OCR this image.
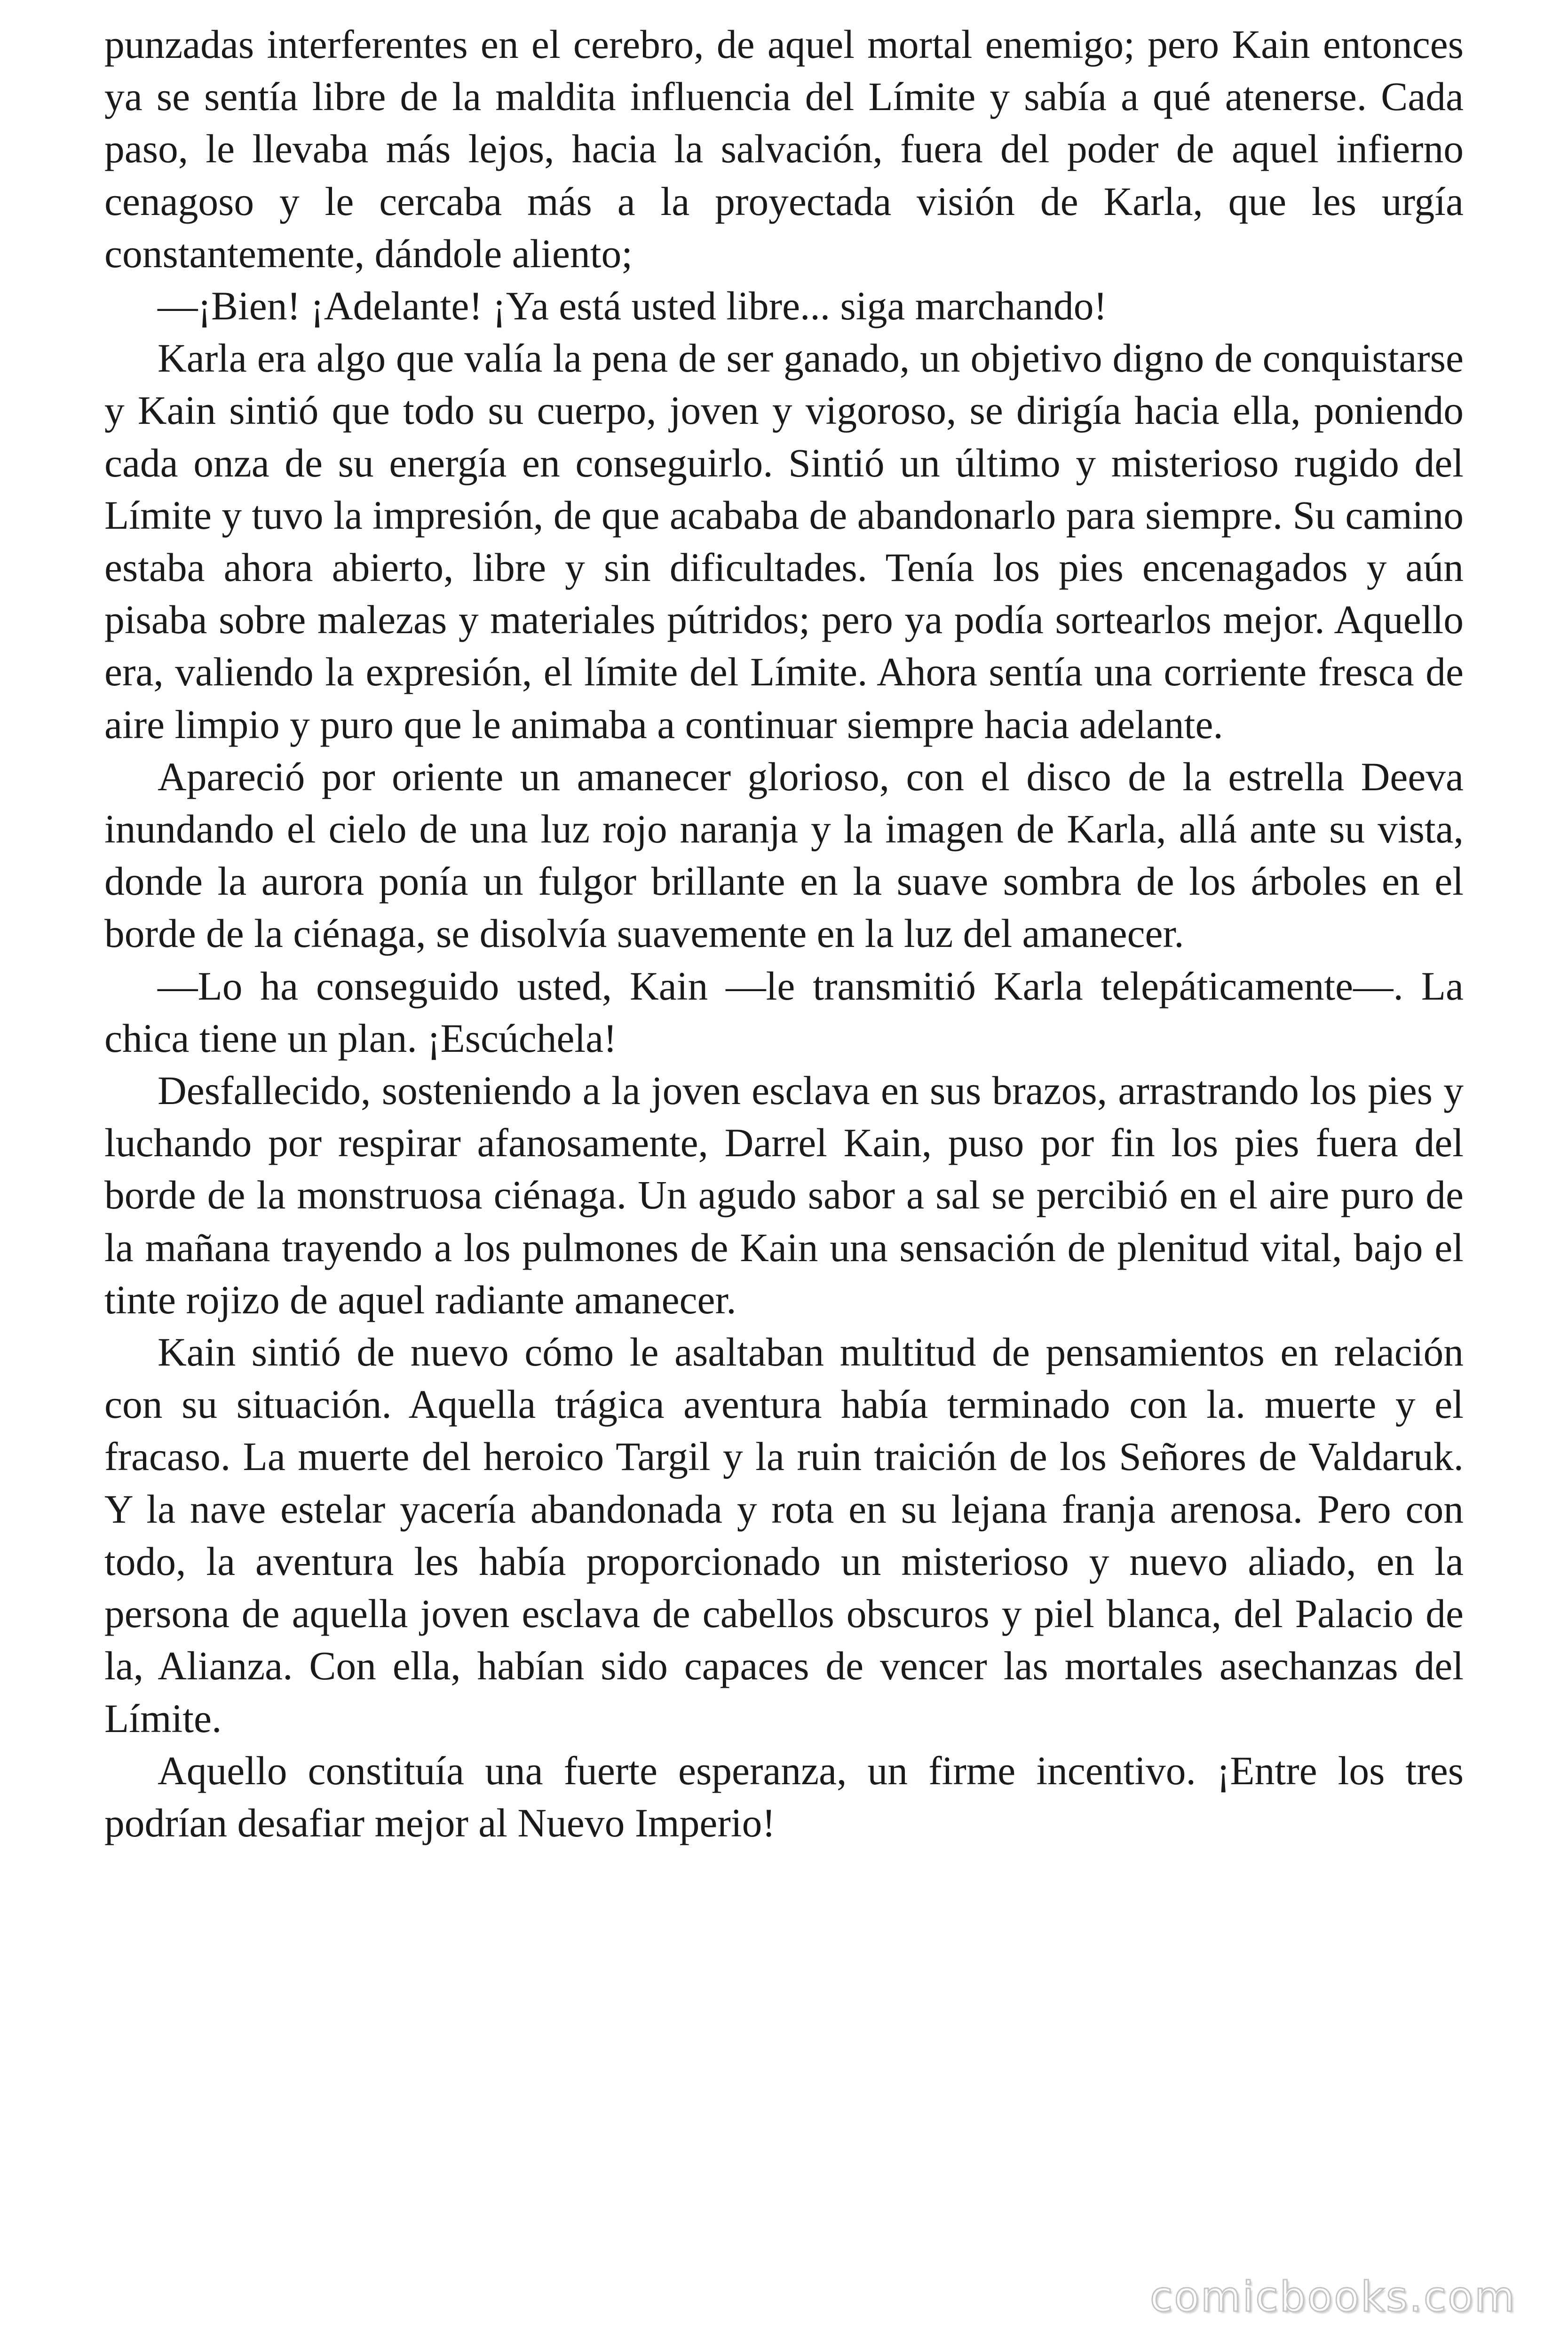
punzadas interferentes en el cerebro, de aquel mortal enemigo; pero Kain entonces ya se sentía libre de la maldita influencia del Límite y sabía a qué atenerse. Cada paso, le llevaba más lejos, hacia la salvación, fuera del poder de aquel infierno cenagoso y le cercaba más a la proyectada visión de Karla, que les urgía constantemente, dándole aliento;

—¡Bien! ¡Adelante! ¡Ya está usted libre... siga marchando!

Karla era algo que valía la pena de ser ganado, un objetivo digno de conquistarse y Kain sintió que todo su cuerpo, joven y vigoroso, se dirigía hacia ella, poniendo cada onza de su energía en conseguirlo. Sintió un último y misterioso rugido del Límite y tuvo la impresión, de que acababa de abandonarlo para siempre. Su camino estaba ahora abierto, libre y sin dificultades. Tenía los pies encenagados y aún pisaba sobre malezas y materiales pútridos; pero ya podía sortearlos mejor. Aquello era, valiendo la expresión, el límite del Límite. Ahora sentía una corriente fresca de aire limpio y puro que le animaba a continuar siempre hacia adelante.

Apareció por oriente un amanecer glorioso, con el disco de la estrella Deeva inundando el cielo de una luz rojo naranja y la imagen de Karla, allá ante su vista, donde la aurora ponía un fulgor brillante en la suave sombra de los árboles en el borde de la ciénaga, se disolvía suavemente en la luz del amanecer.

—Lo ha conseguido usted, Kain —le transmitió Karla telepáticamente—. La chica tiene un plan. ¡Escúchela!

Desfallecido, sosteniendo a la joven esclava en sus brazos, arrastrando los pies y luchando por respirar afanosamente, Darrel Kain, puso por fin los pies fuera del borde de la monstruosa ciénaga. Un agudo sabor a sal se percibió en el aire puro de la mañana trayendo a los pulmones de Kain una sensación de plenitud vital, bajo el tinte rojizo de aquel radiante amanecer.

Kain sintió de nuevo cómo le asaltaban multitud de pensamientos en relación con su situación. Aquella trágica aventura había terminado con la. muerte y el fracaso. La muerte del heroico Targil y la ruin traición de los Señores de Valdaruk. Y la nave estelar yacería abandonada y rota en su lejana franja arenosa. Pero con todo, la aventura les había proporcionado un misterioso y nuevo aliado, en la persona de aquella joven esclava de cabellos obscuros y piel blanca, del Palacio de la, Alianza. Con ella, habían sido capaces de vencer las mortales asechanzas del Límite.

Aquello constituía una fuerte esperanza, un firme incentivo. ¡Entre los tres podrían desafiar mejor al Nuevo Imperio!

comicbooks.com
